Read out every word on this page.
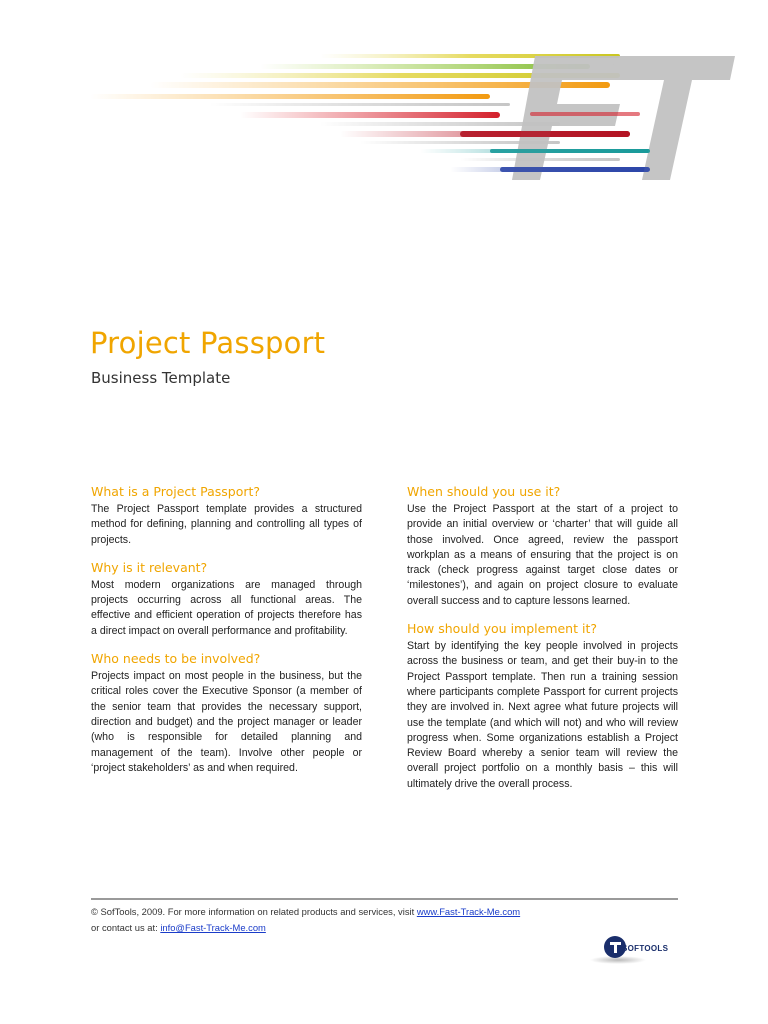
Project Passport
Business Template
What is a Project Passport?
The Project Passport template provides a structured method for defining, planning and controlling all types of projects.
Why is it relevant?
Most modern organizations are managed through projects occurring across all functional areas. The effective and efficient operation of projects therefore has a direct impact on overall performance and profitability.
Who needs to be involved?
Projects impact on most people in the business, but the critical roles cover the Executive Sponsor (a member of the senior team that provides the necessary support, direction and budget) and the project manager or leader (who is responsible for detailed planning and management of the team). Involve other people or ‘project stakeholders’ as and when required.
When should you use it?
Use the Project Passport at the start of a project to provide an initial overview or ‘charter’ that will guide all those involved. Once agreed, review the passport workplan as a means of ensuring that the project is on track (check progress against target close dates or ‘milestones’), and again on project closure to evaluate overall success and to capture lessons learned.
How should you implement it?
Start by identifying the key people involved in projects across the business or team, and get their buy-in to the Project Passport template. Then run a training session where participants complete Passport for current projects they are involved in. Next agree what future projects will use the template (and which will not) and who will review progress when. Some organizations establish a Project Review Board whereby a senior team will review the overall project portfolio on a monthly basis – this will ultimately drive the overall process.
© SofTools, 2009. For more information on related products and services, visit www.Fast-Track-Me.com
or contact us at: info@Fast-Track-Me.com
SOFTOOLS
